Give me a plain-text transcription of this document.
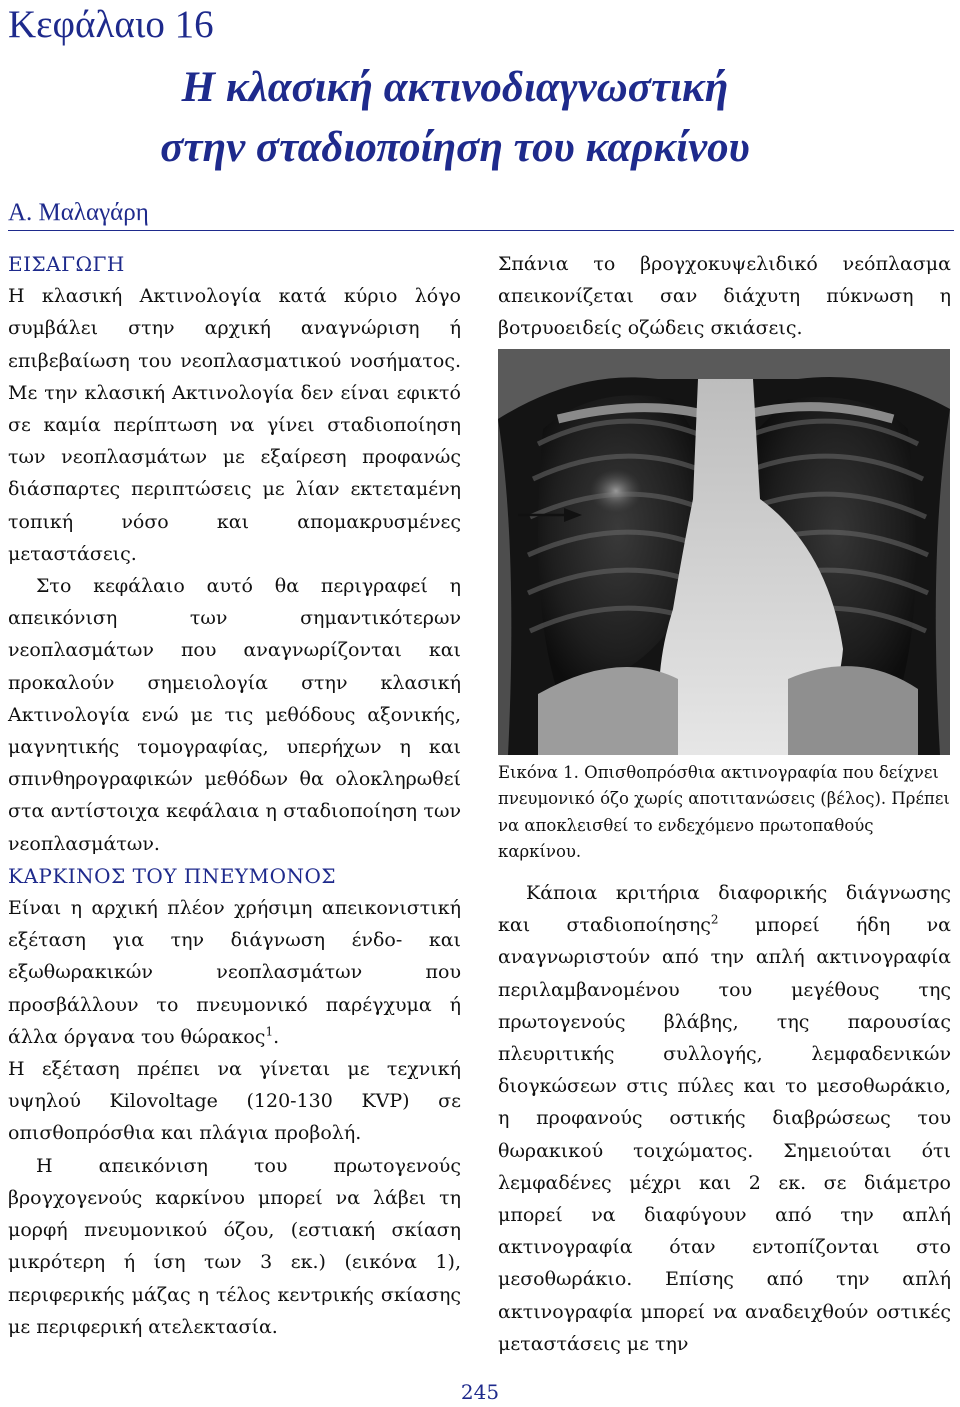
Κεφάλαιο 16
Η κλασική ακτινοδιαγνωστική
στην σταδιοποίηση του καρκίνου
Α. Μαλαγάρη
ΕΙΣΑΓΩΓΗ

Η κλασική Ακτινολογία κατά κύριο λόγο συμβάλει στην αρχική αναγνώριση ή επιβεβαίωση του νεοπλασματικού νοσήματος. Με την κλασική Ακτινολογία δεν είναι εφικτό σε καμία περίπτωση να γίνει σταδιοποίηση των νεοπλασμάτων με εξαίρεση προφανώς διάσπαρτες περιπτώσεις με λίαν εκτεταμένη τοπική νόσο και απομακρυσμένες μεταστάσεις.

Στο κεφάλαιο αυτό θα περιγραφεί η απεικόνιση των σημαντικότερων νεοπλασμάτων που αναγνωρίζονται και προκαλούν σημειολογία στην κλασική Ακτινολογία ενώ με τις μεθόδους αξονικής, μαγνητικής τομογραφίας, υπερήχων η και σπινθηρογραφικών μεθόδων θα ολοκληρωθεί στα αντίστοιχα κεφάλαια η σταδιοποίηση των νεοπλασμάτων.

ΚΑΡΚΙΝΟΣ ΤΟΥ ΠΝΕΥΜΟΝΟΣ

Είναι η αρχική πλέον χρήσιμη απεικονιστική εξέταση για την διάγνωση ένδο- και εξωθωρακικών νεοπλασμάτων που προσβάλλουν το πνευμονικό παρέγχυμα ή άλλα όργανα του θώρακος$^1$.

Η εξέταση πρέπει να γίνεται με τεχνική υψηλού Kilovoltage (120-130 KVP) σε οπισθοπρόσθια και πλάγια προβολή.

Η απεικόνιση του πρωτογενούς βρογχογενούς καρκίνου μπορεί να λάβει τη μορφή πνευμονικού όζου, (εστιακή σκίαση μικρότερη ή ίση των 3 εκ.) (εικόνα 1), περιφερικής μάζας η τέλος κεντρικής σκίασης με περιφερική ατελεκτασία.

Σπάνια το βρογχοκυψελιδικό νεόπλασμα απεικονίζεται σαν διάχυτη πύκνωση η βοτρυοειδείς οζώδεις σκιάσεις.

Εικόνα 1. Οπισθοπρόσθια ακτινογραφία που δείχνει πνευμονικό όζο χωρίς αποτιτανώσεις (βέλος). Πρέπει να αποκλεισθεί το ενδεχόμενο πρωτοπαθούς καρκίνου.

Κάποια κριτήρια διαφορικής διάγνωσης και σταδιοποίησης$^2$ μπορεί ήδη να αναγνωριστούν από την απλή ακτινογραφία περιλαμβανομένου του μεγέθους της πρωτογενούς βλάβης, της παρουσίας πλευριτικής συλλογής, λεμφαδενικών διογκώσεων στις πύλες και το μεσοθωράκιο, η προφανούς οστικής διαβρώσεως του θωρακικού τοιχώματος. Σημειούται ότι λεμφαδένες μέχρι και 2 εκ. σε διάμετρο μπορεί να διαφύγουν από την απλή ακτινογραφία όταν εντοπίζονται στο μεσοθωράκιο. Επίσης από την απλή ακτινογραφία μπορεί να αναδειχθούν οστικές μεταστάσεις με την

245
